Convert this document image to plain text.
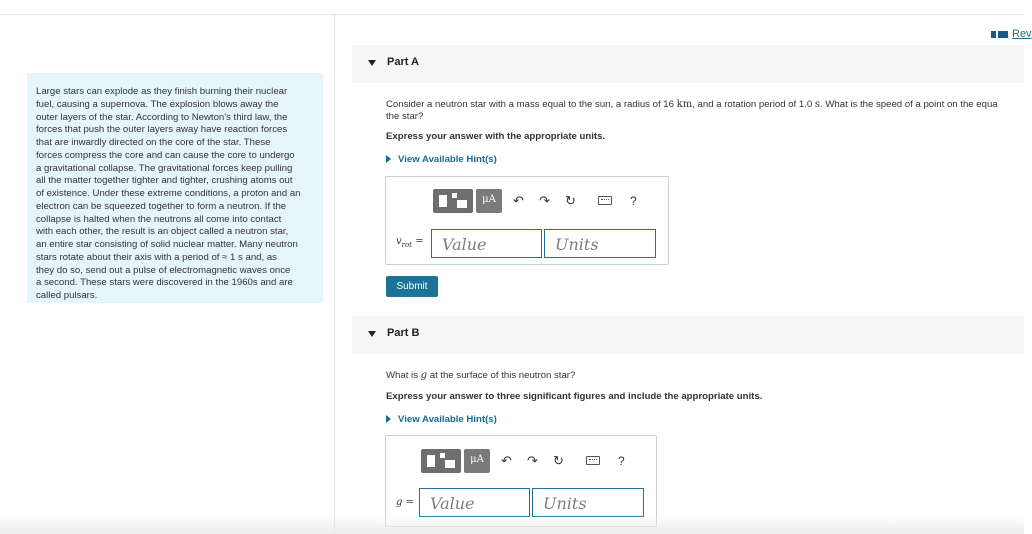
Rev

Large stars can explode as they finish burning their nuclear
fuel, causing a supernova. The explosion blows away the
outer layers of the star. According to Newton's third law, the
forces that push the outer layers away have reaction forces
that are inwardly directed on the core of the star. These
forces compress the core and can cause the core to undergo
a gravitational collapse. The gravitational forces keep pulling
all the matter together tighter and tighter, crushing atoms out
of existence. Under these extreme conditions, a proton and an
electron can be squeezed together to form a neutron. If the
collapse is halted when the neutrons all come into contact
with each other, the result is an object called a neutron star,
an entire star consisting of solid nuclear matter. Many neutron
stars rotate about their axis with a period of ≈ 1 s and, as
they do so, send out a pulse of electromagnetic waves once
a second. These stars were discovered in the 1960s and are
called pulsars.

Part A
Consider a neutron star with a mass equal to the sun, a radius of 16 km, and a rotation period of 1.0 s. What is the speed of a point on the equa
the star?
Express your answer with the appropriate units.
View Available Hint(s)
μA	↶ ↷ ↻	?
$v_{rot}$ =
Value
Units
Submit
Part B
What is g at the surface of this neutron star?
Express your answer to three significant figures and include the appropriate units.
View Available Hint(s)
μA	↶ ↷ ↻	?
g =
Value
Units
